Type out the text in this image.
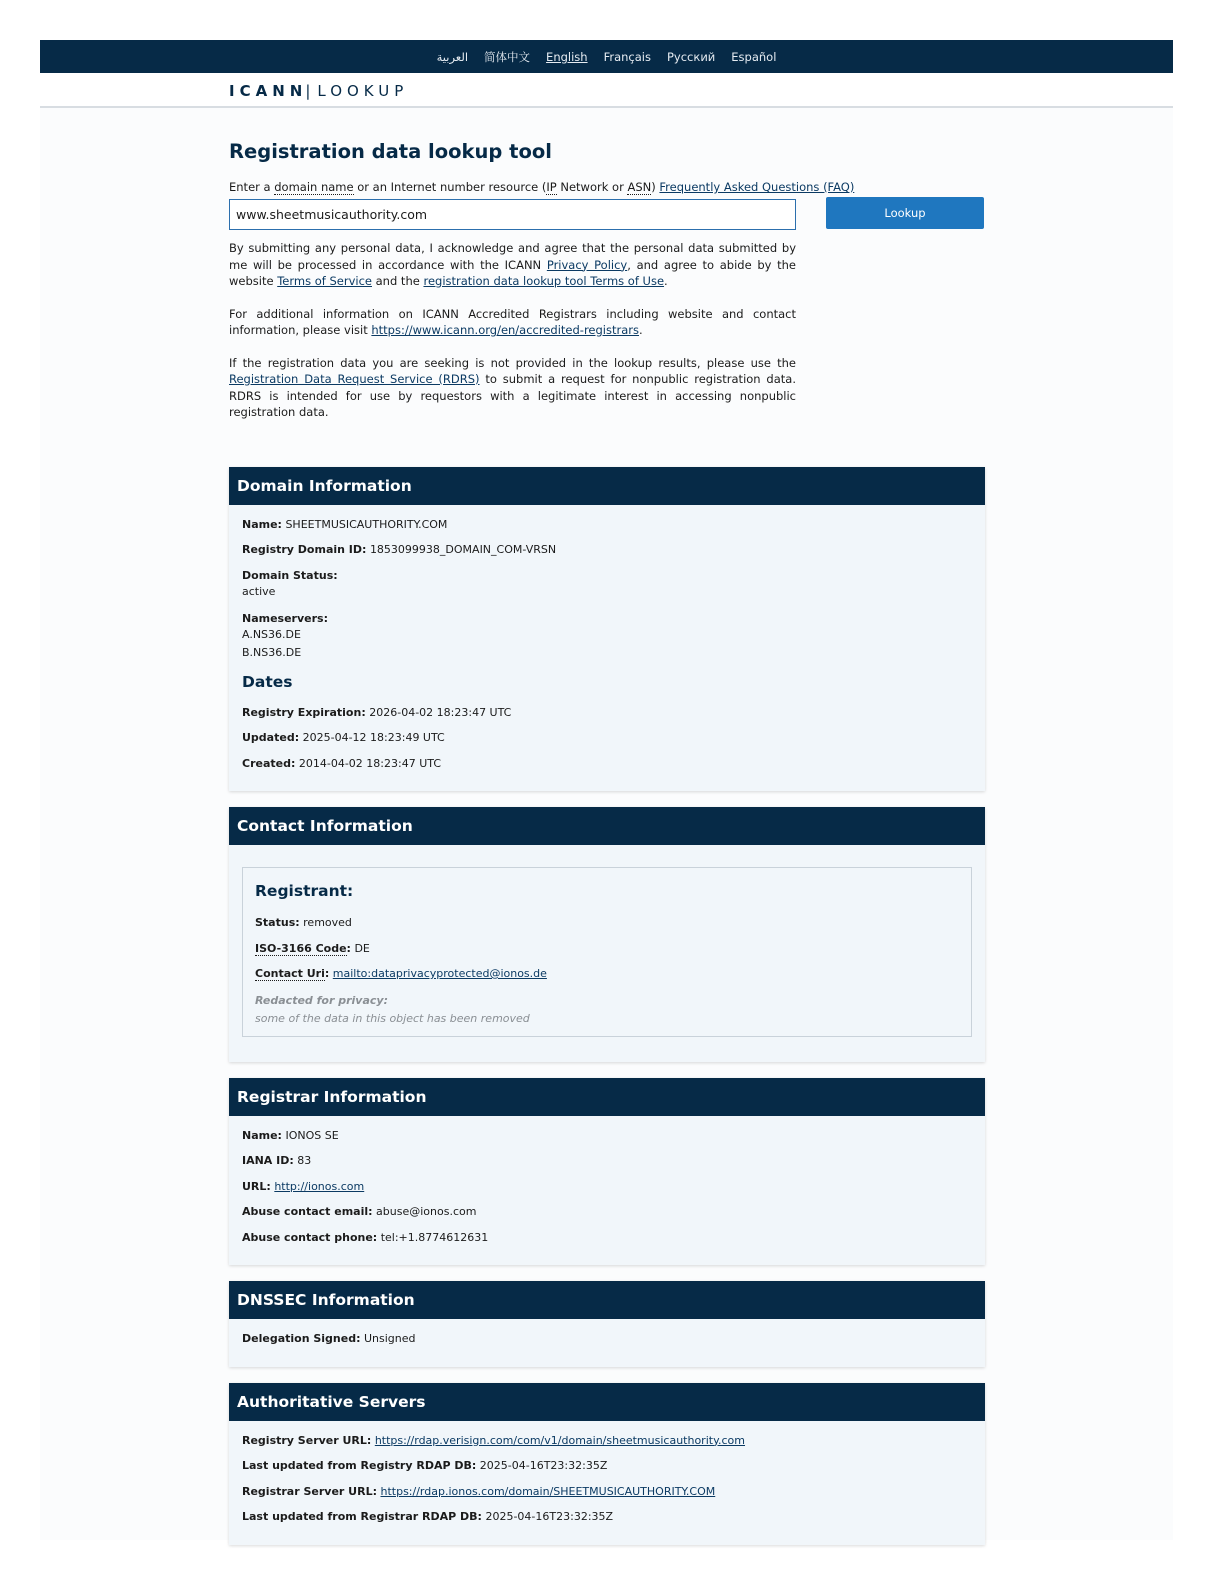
العربية 简体中文 English Français Русский Español
ICANN
| LOOKUP
Registration data lookup tool
Enter a domain name or an Internet number resource (IP Network or ASN) Frequently Asked Questions (FAQ)
www.sheetmusicauthority.com
Lookup

By submitting any personal data, I acknowledge and agree that the personal data submitted by me will be processed in accordance with the ICANN Privacy Policy, and agree to abide by the website Terms of Service and the registration data lookup tool Terms of Use.

For additional information on ICANN Accredited Registrars including website and contact information, please visit https://www.icann.org/en/accredited-registrars.

If the registration data you are seeking is not provided in the lookup results, please use the Registration Data Request Service (RDRS) to submit a request for nonpublic registration data. RDRS is intended for use by requestors with a legitimate interest in accessing nonpublic registration data.

Domain Information
Name: SHEETMUSICAUTHORITY.COM
Registry Domain ID: 1853099938_DOMAIN_COM-VRSN
Domain Status:
active
Nameservers:
A.NS36.DE
B.NS36.DE
Dates
Registry Expiration: 2026-04-02 18:23:47 UTC
Updated: 2025-04-12 18:23:49 UTC
Created: 2014-04-02 18:23:47 UTC
Contact Information
Registrant:
Status: removed
ISO-3166 Code: DE
Contact Uri: mailto:dataprivacyprotected@ionos.de
Redacted for privacy:
some of the data in this object has been removed
Registrar Information
Name: IONOS SE
IANA ID: 83
URL: http://ionos.com
Abuse contact email: abuse@ionos.com
Abuse contact phone: tel:+1.8774612631
DNSSEC Information
Delegation Signed: Unsigned
Authoritative Servers
Registry Server URL: https://rdap.verisign.com/com/v1/domain/sheetmusicauthority.com
Last updated from Registry RDAP DB: 2025-04-16T23:32:35Z
Registrar Server URL: https://rdap.ionos.com/domain/SHEETMUSICAUTHORITY.COM
Last updated from Registrar RDAP DB: 2025-04-16T23:32:35Z
